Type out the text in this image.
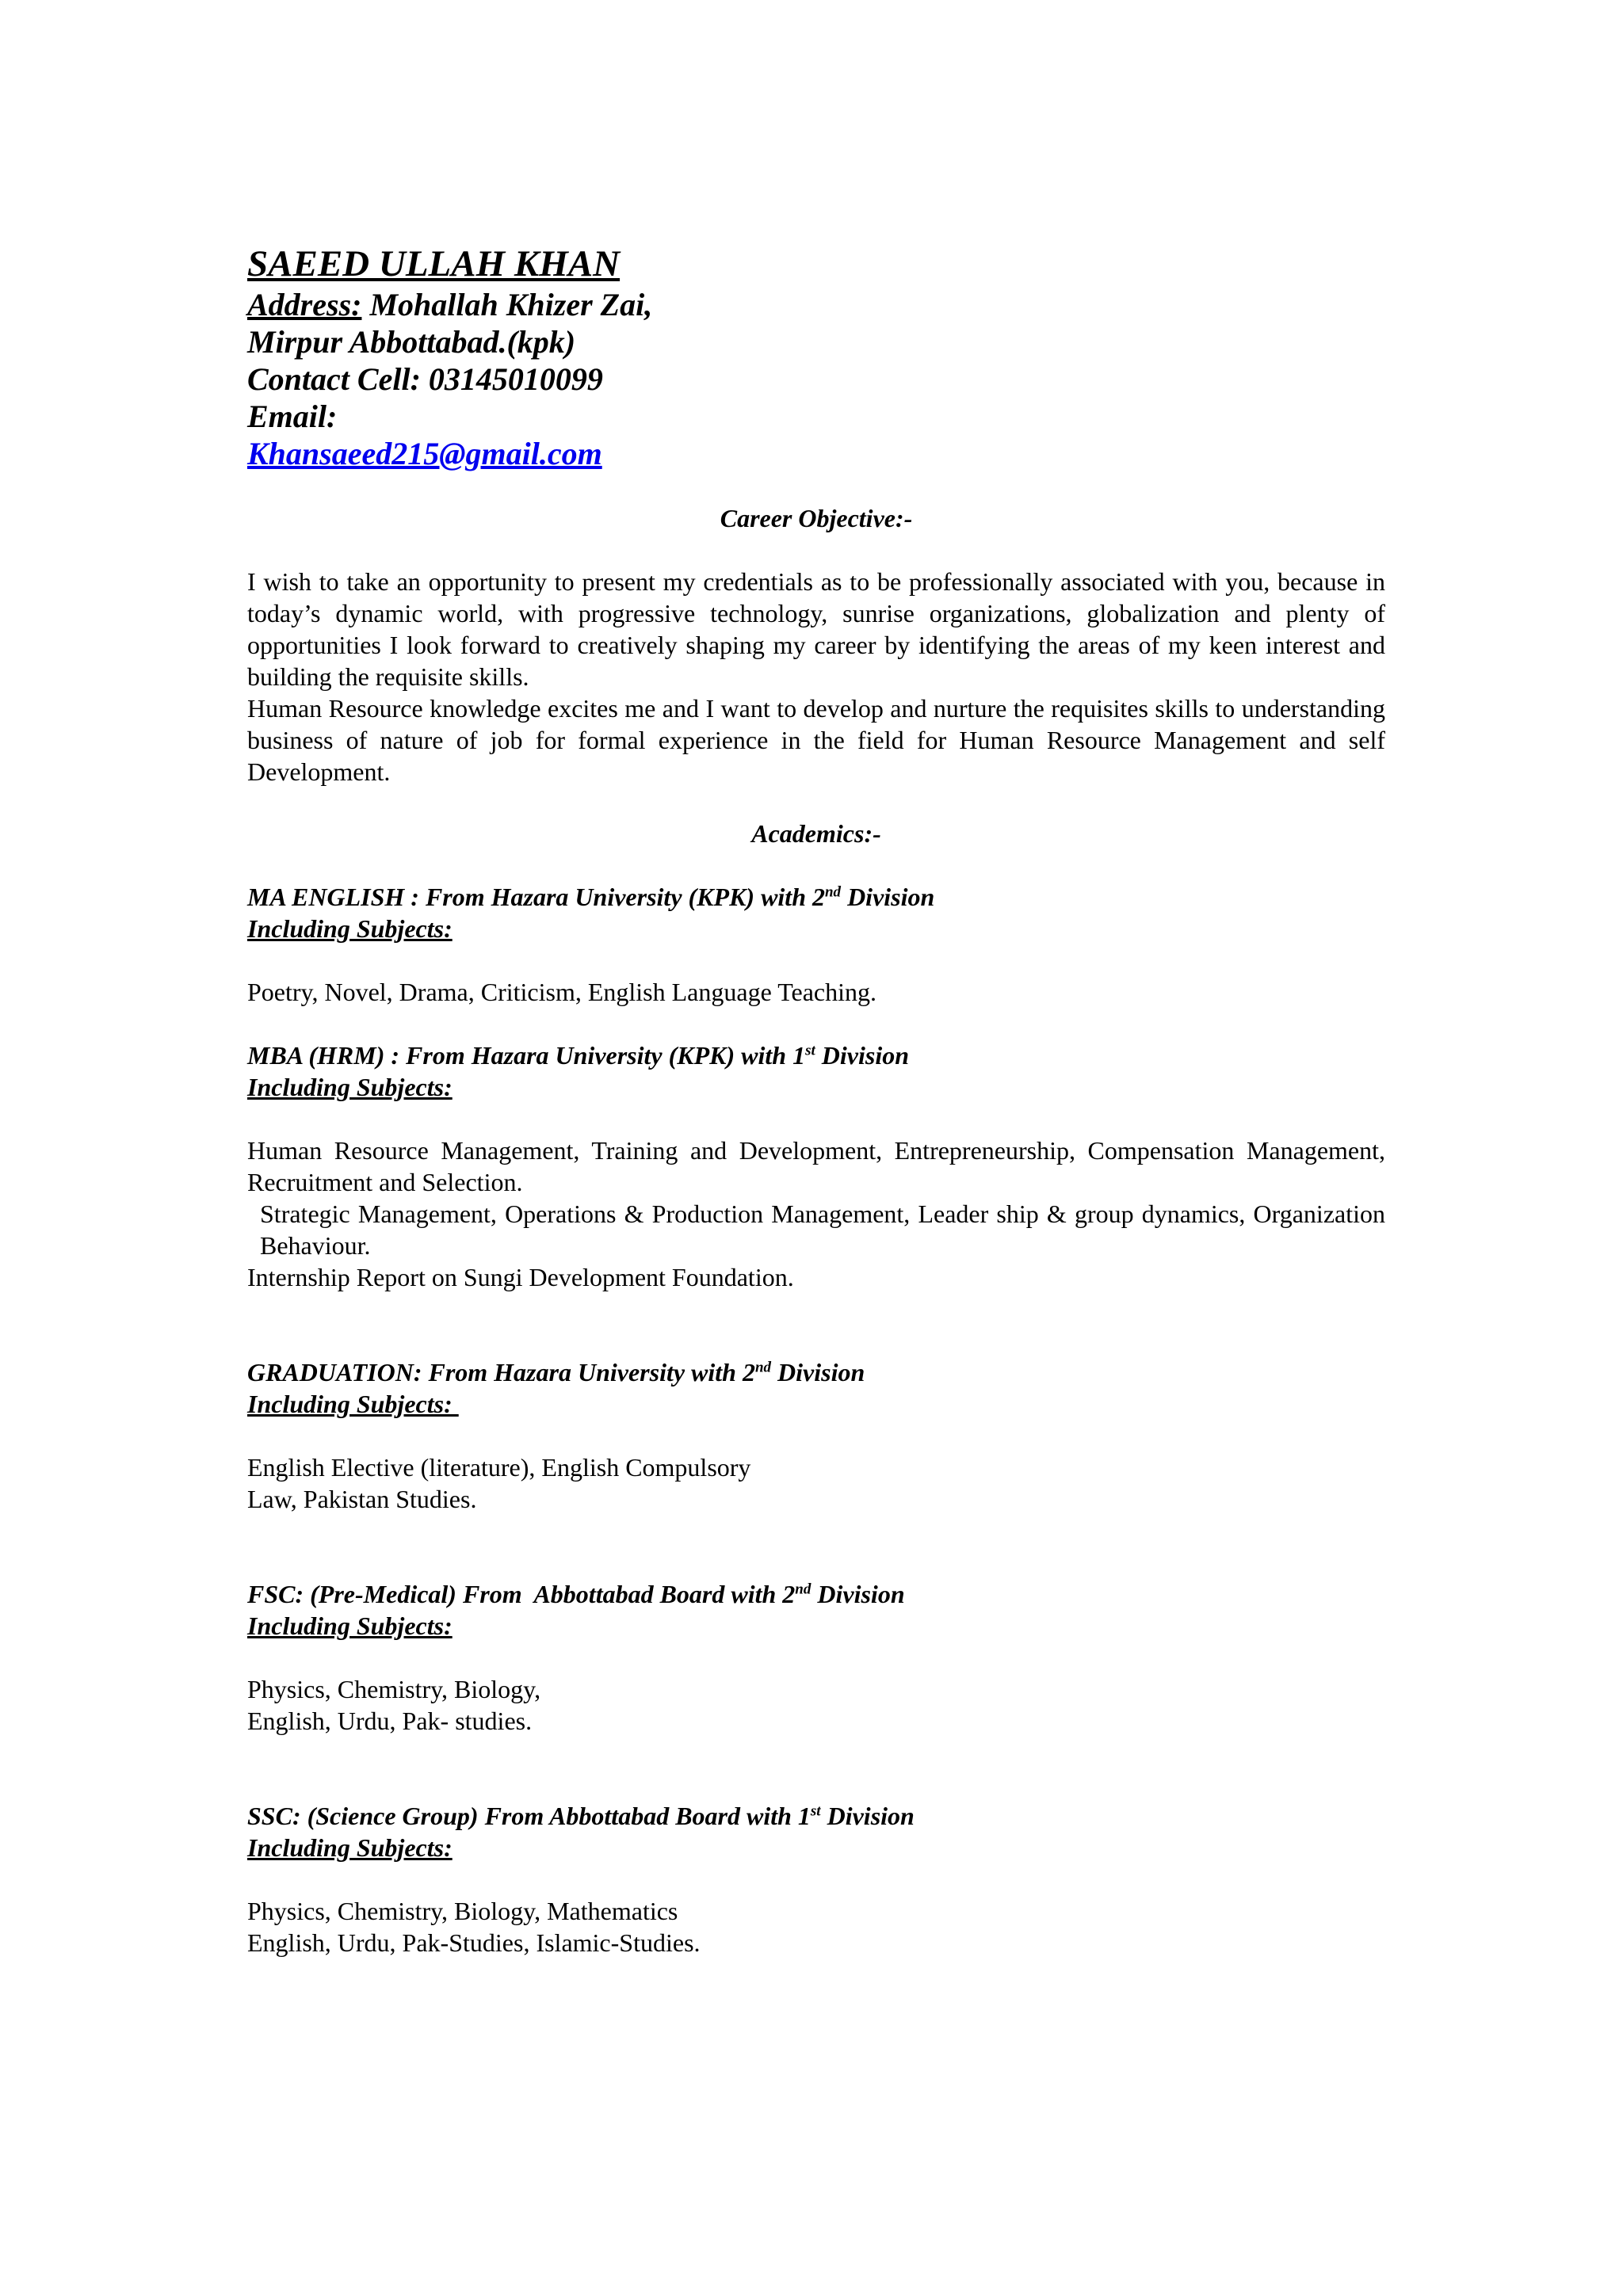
SAEED ULLAH KHAN
Address: Mohallah Khizer Zai,
Mirpur Abbottabad.(kpk)
Contact Cell: 03145010099
Email:
Khansaeed215@gmail.com
Career Objective:-

I wish to take an opportunity to present my credentials as to be professionally associated with you, because in today’s dynamic world, with progressive technology, sunrise organizations, globalization and plenty of opportunities I look forward to creatively shaping my career by identifying the areas of my keen interest and building the requisite skills.

Human Resource knowledge excites me and I want to develop and nurture the requisites skills to understanding business of nature of job for formal experience in the field for Human Resource Management and self Development.

Academics:-

MA ENGLISH : From Hazara University (KPK) with 2nd Division

Including Subjects:

Poetry, Novel, Drama, Criticism, English Language Teaching.

MBA (HRM) : From Hazara University (KPK) with 1st Division

Including Subjects:

Human Resource Management, Training and Development, Entrepreneurship, Compensation Management, Recruitment and Selection.

Strategic Management, Operations & Production Management, Leader ship & group dynamics, Organization Behaviour.

Internship Report on Sungi Development Foundation.

GRADUATION: From Hazara University with 2nd Division

Including Subjects:

English Elective (literature), English Compulsory

Law, Pakistan Studies.

FSC: (Pre-Medical) From  Abbottabad Board with 2nd Division

Including Subjects:

Physics, Chemistry, Biology,

English, Urdu, Pak- studies.

SSC: (Science Group) From Abbottabad Board with 1st Division

Including Subjects:

Physics, Chemistry, Biology, Mathematics

English, Urdu, Pak-Studies, Islamic-Studies.
